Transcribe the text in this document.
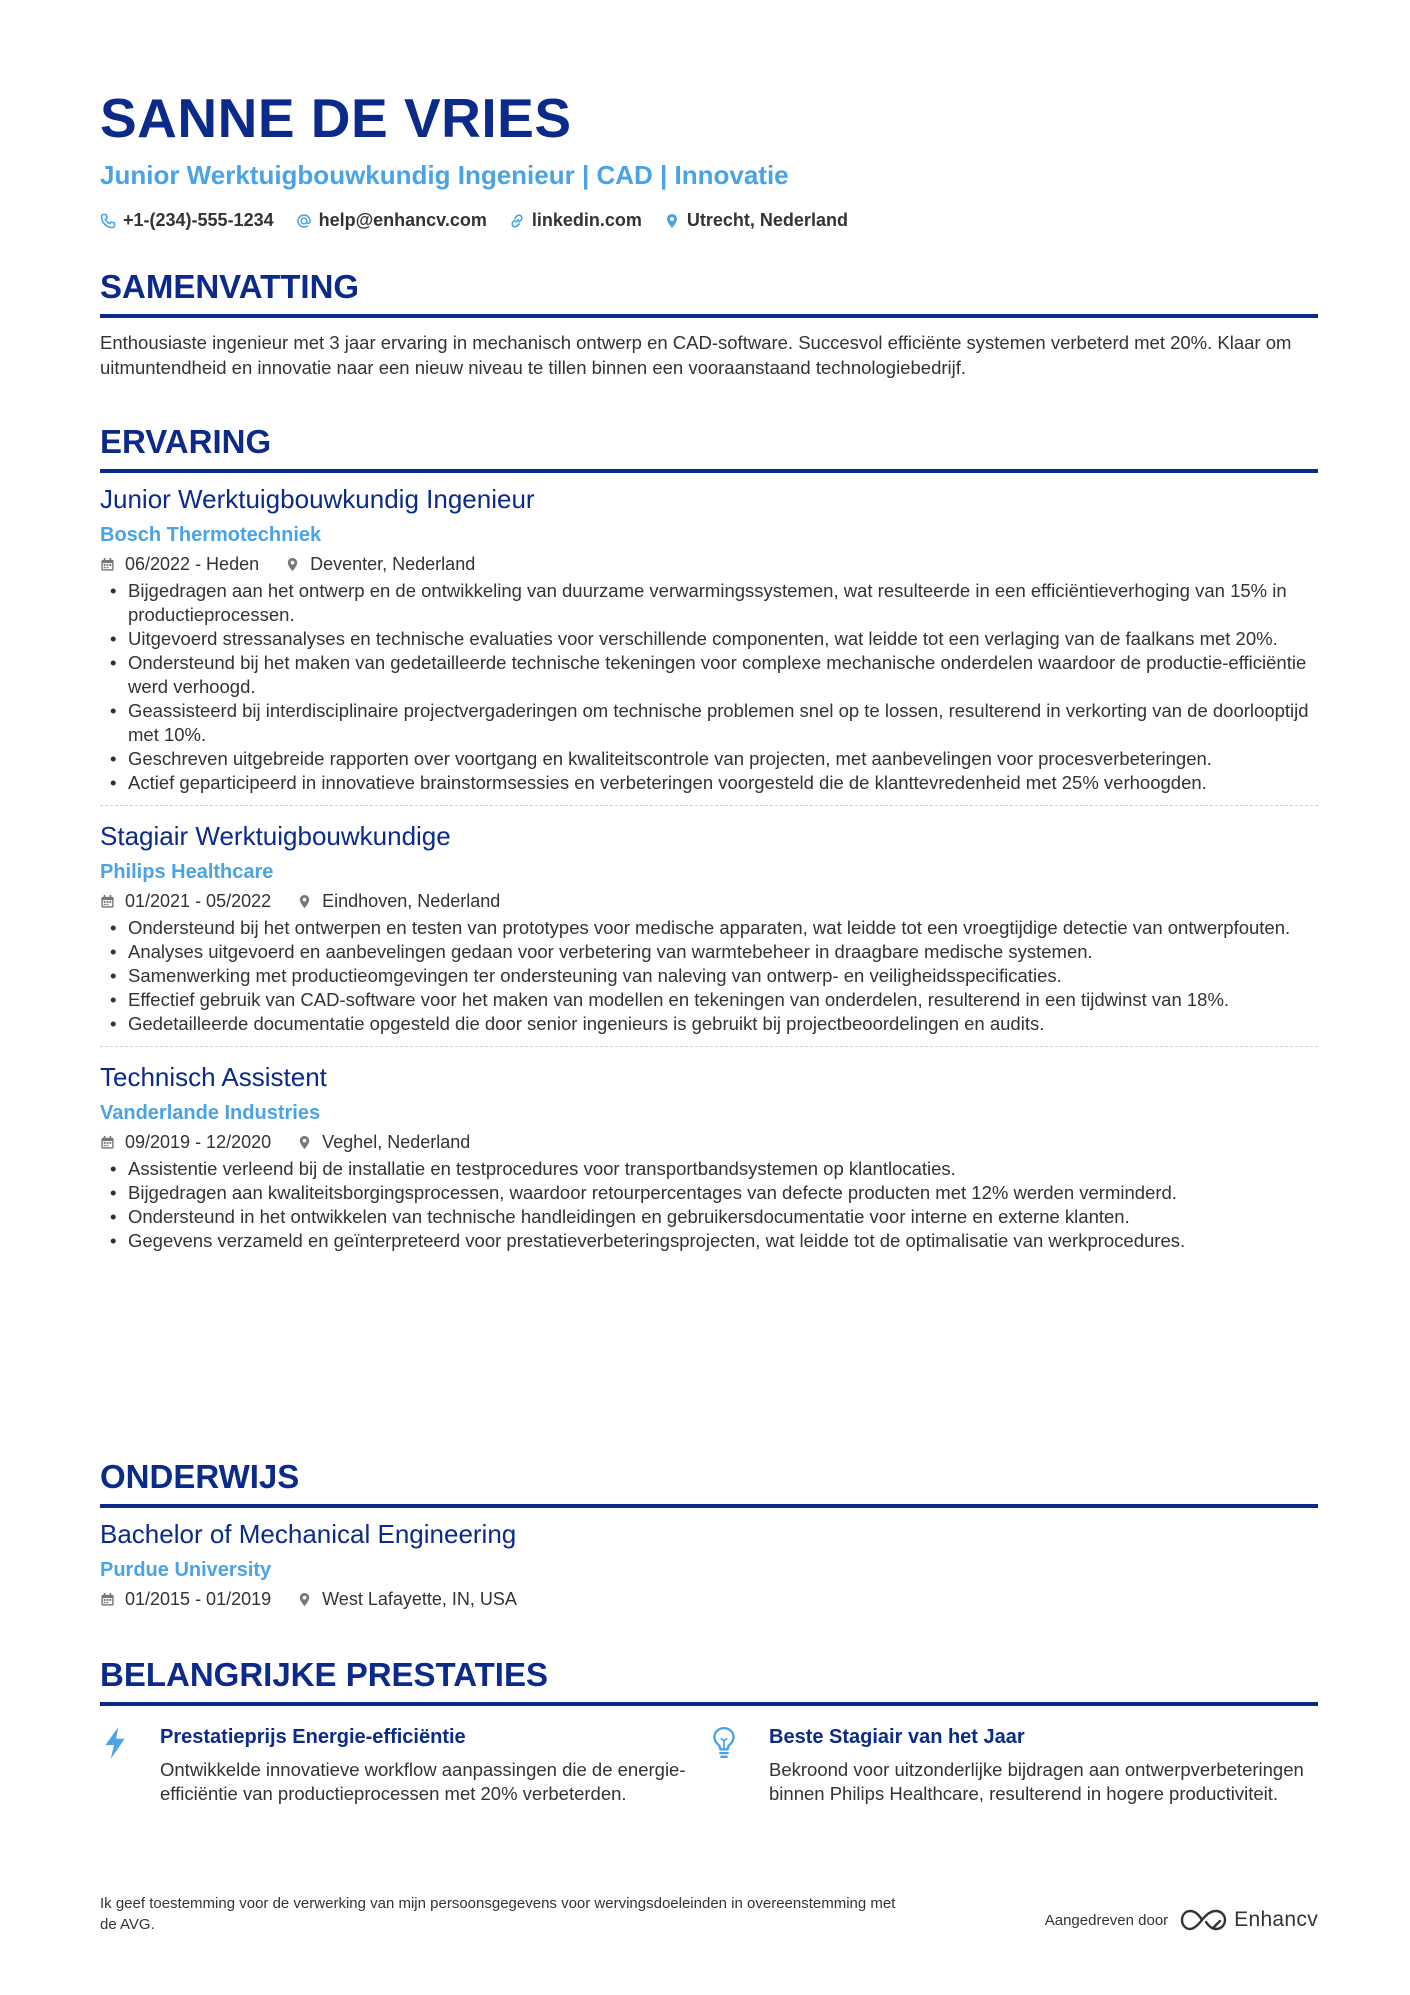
SANNE DE VRIES
Junior Werktuigbouwkundig Ingenieur | CAD | Innovatie
+1-(234)-555-1234	help@enhancv.com	linkedin.com	Utrecht, Nederland
SAMENVATTING
Enthousiaste ingenieur met 3 jaar ervaring in mechanisch ontwerp en CAD-software. Succesvol efficiënte systemen verbeterd met 20%. Klaar om uitmuntendheid en innovatie naar een nieuw niveau te tillen binnen een vooraanstaand technologiebedrijf.
ERVARING
Junior Werktuigbouwkundig Ingenieur
Bosch Thermotechniek
06/2022 - Heden	Deventer, Nederland
• Bijgedragen aan het ontwerp en de ontwikkeling van duurzame verwarmingssystemen, wat resulteerde in een efficiëntieverhoging van 15% in productieprocessen.
• Uitgevoerd stressanalyses en technische evaluaties voor verschillende componenten, wat leidde tot een verlaging van de faalkans met 20%.
• Ondersteund bij het maken van gedetailleerde technische tekeningen voor complexe mechanische onderdelen waardoor de productie-efficiëntie werd verhoogd.
• Geassisteerd bij interdisciplinaire projectvergaderingen om technische problemen snel op te lossen, resulterend in verkorting van de doorlooptijd met 10%.
• Geschreven uitgebreide rapporten over voortgang en kwaliteitscontrole van projecten, met aanbevelingen voor procesverbeteringen.
• Actief geparticipeerd in innovatieve brainstormsessies en verbeteringen voorgesteld die de klanttevredenheid met 25% verhoogden.
Stagiair Werktuigbouwkundige
Philips Healthcare
01/2021 - 05/2022	Eindhoven, Nederland
• Ondersteund bij het ontwerpen en testen van prototypes voor medische apparaten, wat leidde tot een vroegtijdige detectie van ontwerpfouten.
• Analyses uitgevoerd en aanbevelingen gedaan voor verbetering van warmtebeheer in draagbare medische systemen.
• Samenwerking met productieomgevingen ter ondersteuning van naleving van ontwerp- en veiligheidsspecificaties.
• Effectief gebruik van CAD-software voor het maken van modellen en tekeningen van onderdelen, resulterend in een tijdwinst van 18%.
• Gedetailleerde documentatie opgesteld die door senior ingenieurs is gebruikt bij projectbeoordelingen en audits.
Technisch Assistent
Vanderlande Industries
09/2019 - 12/2020	Veghel, Nederland
• Assistentie verleend bij de installatie en testprocedures voor transportbandsystemen op klantlocaties.
• Bijgedragen aan kwaliteitsborgingsprocessen, waardoor retourpercentages van defecte producten met 12% werden verminderd.
• Ondersteund in het ontwikkelen van technische handleidingen en gebruikersdocumentatie voor interne en externe klanten.
• Gegevens verzameld en geïnterpreteerd voor prestatieverbeteringsprojecten, wat leidde tot de optimalisatie van werkprocedures.
ONDERWIJS
Bachelor of Mechanical Engineering
Purdue University
01/2015 - 01/2019	West Lafayette, IN, USA
BELANGRIJKE PRESTATIES
Prestatieprijs Energie-efficiëntie
Ontwikkelde innovatieve workflow aanpassingen die de energie-efficiëntie van productieprocessen met 20% verbeterden.
Beste Stagiair van het Jaar
Bekroond voor uitzonderlijke bijdragen aan ontwerpverbeteringen binnen Philips Healthcare, resulterend in hogere productiviteit.
Ik geef toestemming voor de verwerking van mijn persoonsgegevens voor wervingsdoeleinden in overeenstemming met de AVG.	Aangedreven door	Enhancv
